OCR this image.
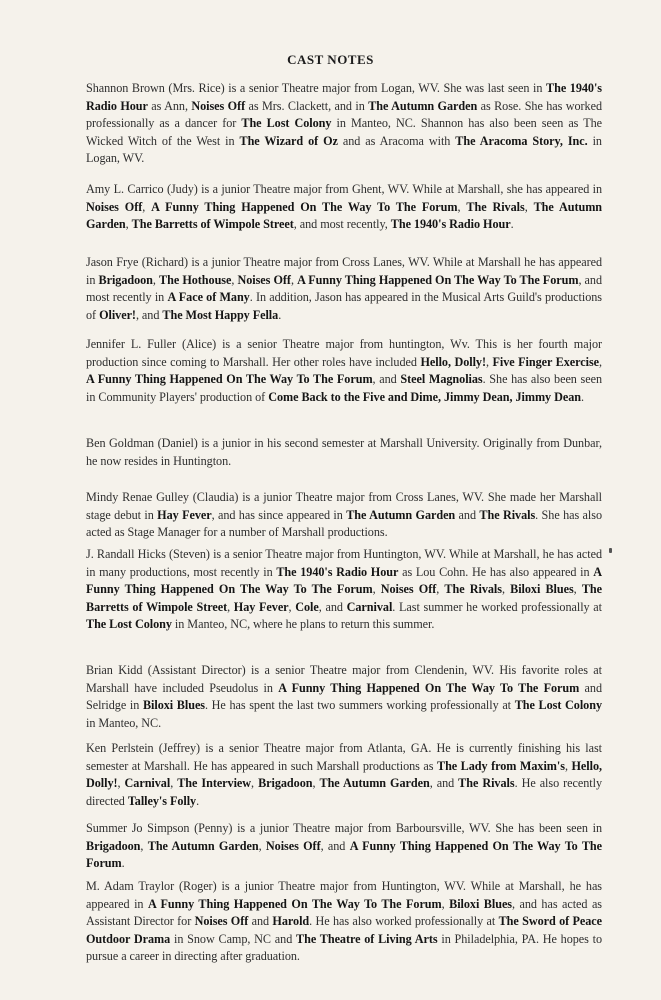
CAST NOTES
Shannon Brown (Mrs. Rice) is a senior Theatre major from Logan, WV. She was last seen in The 1940's Radio Hour as Ann, Noises Off as Mrs. Clackett, and in The Autumn Garden as Rose. She has worked professionally as a dancer for The Lost Colony in Manteo, NC. Shannon has also been seen as The Wicked Witch of the West in The Wizard of Oz and as Aracoma with The Aracoma Story, Inc. in Logan, WV.
Amy L. Carrico (Judy) is a junior Theatre major from Ghent, WV. While at Marshall, she has appeared in Noises Off, A Funny Thing Happened On The Way To The Forum, The Rivals, The Autumn Garden, The Barretts of Wimpole Street, and most recently, The 1940's Radio Hour.
Jason Frye (Richard) is a junior Theatre major from Cross Lanes, WV. While at Marshall he has appeared in Brigadoon, The Hothouse, Noises Off, A Funny Thing Happened On The Way To The Forum, and most recently in A Face of Many. In addition, Jason has appeared in the Musical Arts Guild's productions of Oliver!, and The Most Happy Fella.
Jennifer L. Fuller (Alice) is a senior Theatre major from huntington, Wv. This is her fourth major production since coming to Marshall. Her other roles have included Hello, Dolly!, Five Finger Exercise, A Funny Thing Happened On The Way To The Forum, and Steel Magnolias. She has also been seen in Community Players' production of Come Back to the Five and Dime, Jimmy Dean, Jimmy Dean.
Ben Goldman (Daniel) is a junior in his second semester at Marshall University. Originally from Dunbar, he now resides in Huntington.
Mindy Renae Gulley (Claudia) is a junior Theatre major from Cross Lanes, WV. She made her Marshall stage debut in Hay Fever, and has since appeared in The Autumn Garden and The Rivals. She has also acted as Stage Manager for a number of Marshall productions.
J. Randall Hicks (Steven) is a senior Theatre major from Huntington, WV. While at Marshall, he has acted in many productions, most recently in The 1940's Radio Hour as Lou Cohn. He has also appeared in A Funny Thing Happened On The Way To The Forum, Noises Off, The Rivals, Biloxi Blues, The Barretts of Wimpole Street, Hay Fever, Cole, and Carnival. Last summer he worked professionally at The Lost Colony in Manteo, NC, where he plans to return this summer.
Brian Kidd (Assistant Director) is a senior Theatre major from Clendenin, WV. His favorite roles at Marshall have included Pseudolus in A Funny Thing Happened On The Way To The Forum and Selridge in Biloxi Blues. He has spent the last two summers working professionally at The Lost Colony in Manteo, NC.
Ken Perlstein (Jeffrey) is a senior Theatre major from Atlanta, GA. He is currently finishing his last semester at Marshall. He has appeared in such Marshall productions as The Lady from Maxim's, Hello, Dolly!, Carnival, The Interview, Brigadoon, The Autumn Garden, and The Rivals. He also recently directed Talley's Folly.
Summer Jo Simpson (Penny) is a junior Theatre major from Barboursville, WV. She has been seen in Brigadoon, The Autumn Garden, Noises Off, and A Funny Thing Happened On The Way To The Forum.
M. Adam Traylor (Roger) is a junior Theatre major from Huntington, WV. While at Marshall, he has appeared in A Funny Thing Happened On The Way To The Forum, Biloxi Blues, and has acted as Assistant Director for Noises Off and Harold. He has also worked professionally at The Sword of Peace Outdoor Drama in Snow Camp, NC and The Theatre of Living Arts in Philadelphia, PA. He hopes to pursue a career in directing after graduation.
